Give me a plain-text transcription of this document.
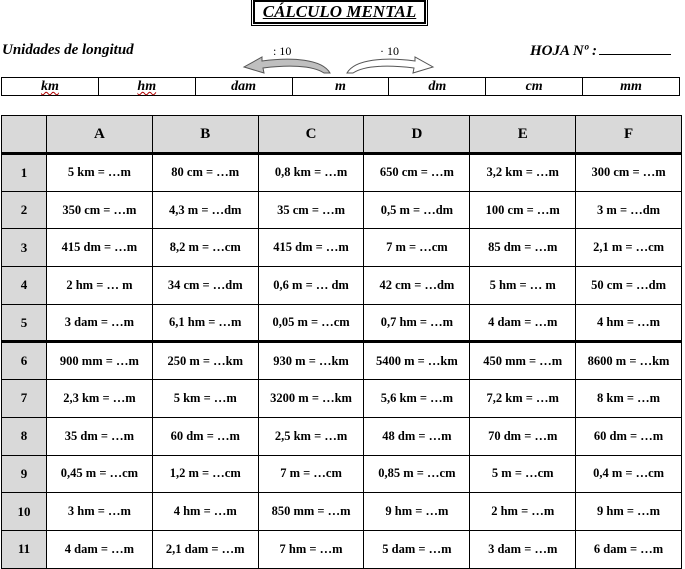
CÁLCULO MENTAL
Unidades de longitud	: 10	· 10	HOJA Nº :
km	hm	dam	m	dm	cm	mm
	A	B	C	D	E	F
1	5 km = …m	80 cm = …m	0,8 km = …m	650 cm = …m	3,2 km = …m	300 cm = …m
2	350 cm = …m	4,3 m = …dm	35 cm = …m	0,5 m = …dm	100 cm = …m	3 m = …dm
3	415 dm = …m	8,2 m = …cm	415 dm = …m	7 m = …cm	85 dm = …m	2,1 m = …cm
4	2 hm = … m	34 cm = …dm	0,6 m = … dm	42 cm = …dm	5 hm = … m	50 cm = …dm
5	3 dam = …m	6,1 hm = …m	0,05 m = …cm	0,7 hm = …m	4 dam = …m	4 hm = …m
6	900 mm = …m	250 m = …km	930 m = …km	5400 m = …km	450 mm = …m	8600 m = …km
7	2,3 km = …m	5 km = …m	3200 m = …km	5,6 km = …m	7,2 km = …m	8 km = …m
8	35 dm = …m	60 dm = …m	2,5 km = …m	48 dm = …m	70 dm = …m	60 dm = …m
9	0,45 m = …cm	1,2 m = …cm	7 m = …cm	0,85 m = …cm	5 m = …cm	0,4 m = …cm
10	3 hm = …m	4 hm = …m	850 mm = …m	9 hm = …m	2 hm = …m	9 hm = …m
11	4 dam = …m	2,1 dam = …m	7 hm = …m	5 dam = …m	3 dam = …m	6 dam = …m
